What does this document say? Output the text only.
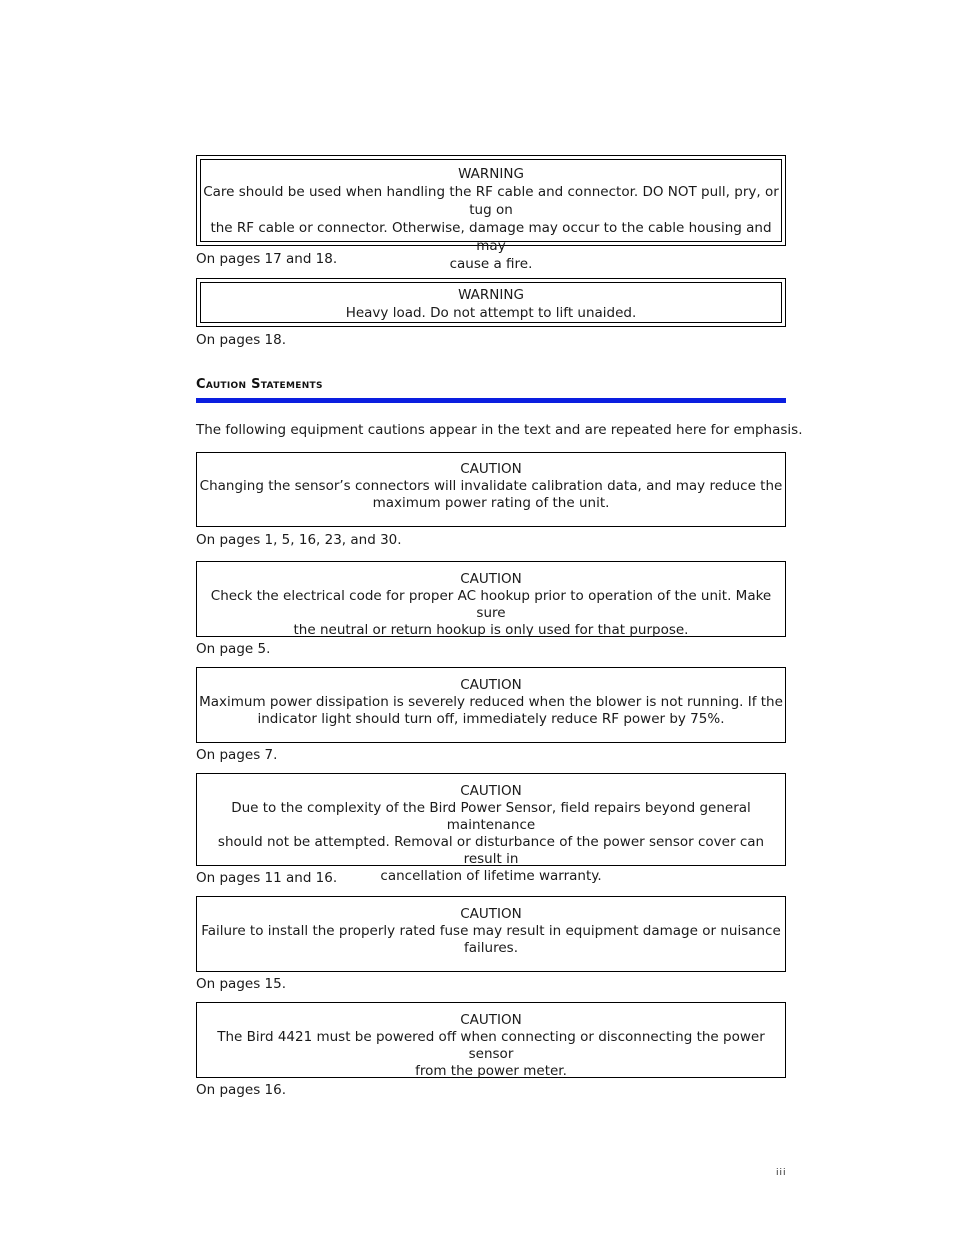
WARNING
Care should be used when handling the RF cable and connector. DO NOT pull, pry, or tug on
the RF cable or connector. Otherwise, damage may occur to the cable housing and may
cause a fire.
On pages 17 and 18.
WARNING
Heavy load. Do not attempt to lift unaided.
On pages 18.
Caution Statements
The following equipment cautions appear in the text and are repeated here for emphasis.
CAUTION
Changing the sensor’s connectors will invalidate calibration data, and may reduce the
maximum power rating of the unit.
On pages 1, 5, 16, 23, and 30.
CAUTION
Check the electrical code for proper AC hookup prior to operation of the unit. Make sure
the neutral or return hookup is only used for that purpose.
On page 5.
CAUTION
Maximum power dissipation is severely reduced when the blower is not running. If the
indicator light should turn off, immediately reduce RF power by 75%.
On pages 7.
CAUTION
Due to the complexity of the Bird Power Sensor, field repairs beyond general maintenance
should not be attempted. Removal or disturbance of the power sensor cover can result in
cancellation of lifetime warranty.
On pages 11 and 16.
CAUTION
Failure to install the properly rated fuse may result in equipment damage or nuisance
failures.
On pages 15.
CAUTION
The Bird 4421 must be powered off when connecting or disconnecting the power sensor
from the power meter.
On pages 16.
iii
